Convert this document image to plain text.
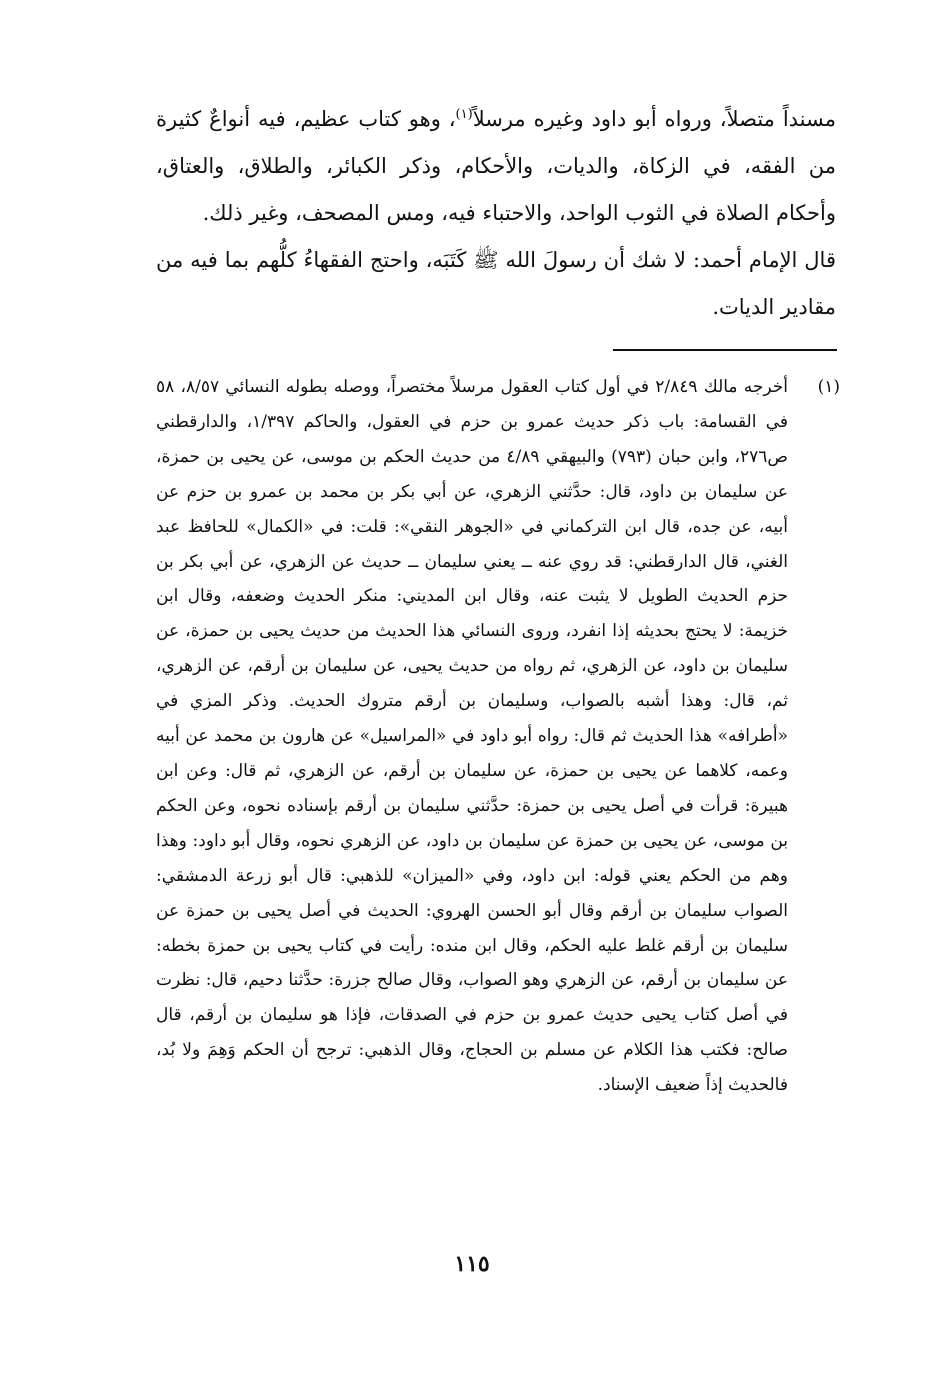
مسنداً متصلاً، ورواه أبو داود وغيره مرسلاً$^{(١)}$، وهو كتاب عظيم، فيه أنواعٌ كثيرة من الفقه، في الزكاة، والديات، والأحكام، وذكر الكبائر، والطلاق، والعتاق، وأحكام الصلاة في الثوب الواحد، والاحتباء فيه، ومس المصحف، وغير ذلك.

قال الإمام أحمد: لا شك أن رسولَ الله ﷺ كَتَبَه، واحتج الفقهاءُ كلُّهم بما فيه من مقادير الديات.

(١)
أخرجه مالك ٢/٨٤٩ في أول كتاب العقول مرسلاً مختصراً، ووصله بطوله النسائي ٨/٥٧، ٥٨ في القسامة: باب ذكر حديث عمرو بن حزم في العقول، والحاكم ١/٣٩٧، والدارقطني ص٢٧٦، وابن حبان (٧٩٣) والبيهقي ٤/٨٩ من حديث الحكم بن موسى، عن يحيى بن حمزة، عن سليمان بن داود، قال: حدَّثني الزهري، عن أبي بكر بن محمد بن عمرو بن حزم عن أبيه، عن جده، قال ابن التركماني في «الجوهر النقي»: قلت: في «الكمال» للحافظ عبد الغني، قال الدارقطني: قد روي عنه ــ يعني سليمان ــ حديث عن الزهري، عن أبي بكر بن حزم الحديث الطويل لا يثبت عنه، وقال ابن المديني: منكر الحديث وضعفه، وقال ابن خزيمة: لا يحتج بحديثه إذا انفرد، وروى النسائي هذا الحديث من حديث يحيى بن حمزة، عن سليمان بن داود، عن الزهري، ثم رواه من حديث يحيى، عن سليمان بن أرقم، عن الزهري، ثم، قال: وهذا أشبه بالصواب، وسليمان بن أرقم متروك الحديث. وذكر المزي في «أطرافه» هذا الحديث ثم قال: رواه أبو داود في «المراسيل» عن هارون بن محمد عن أبيه وعمه، كلاهما عن يحيى بن حمزة، عن سليمان بن أرقم، عن الزهري، ثم قال: وعن ابن هبيرة: قرأت في أصل يحيى بن حمزة: حدَّثني سليمان بن أرقم بإسناده نحوه، وعن الحكم بن موسى، عن يحيى بن حمزة عن سليمان بن داود، عن الزهري نحوه، وقال أبو داود: وهذا وهم من الحكم يعني قوله: ابن داود، وفي «الميزان» للذهبي: قال أبو زرعة الدمشقي: الصواب سليمان بن أرقم وقال أبو الحسن الهروي: الحديث في أصل يحيى بن حمزة عن سليمان بن أرقم غلط عليه الحكم، وقال ابن منده: رأيت في كتاب يحيى بن حمزة بخطه: عن سليمان بن أرقم، عن الزهري وهو الصواب، وقال صالح جزرة: حدَّثنا دحيم، قال: نظرت في أصل كتاب يحيى حديث عمرو بن حزم في الصدقات، فإذا هو سليمان بن أرقم، قال صالح: فكتب هذا الكلام عن مسلم بن الحجاج، وقال الذهبي: ترجح أن الحكم وَهِمَ ولا بُد، فالحديث إذاً ضعيف الإسناد.
١١٥
